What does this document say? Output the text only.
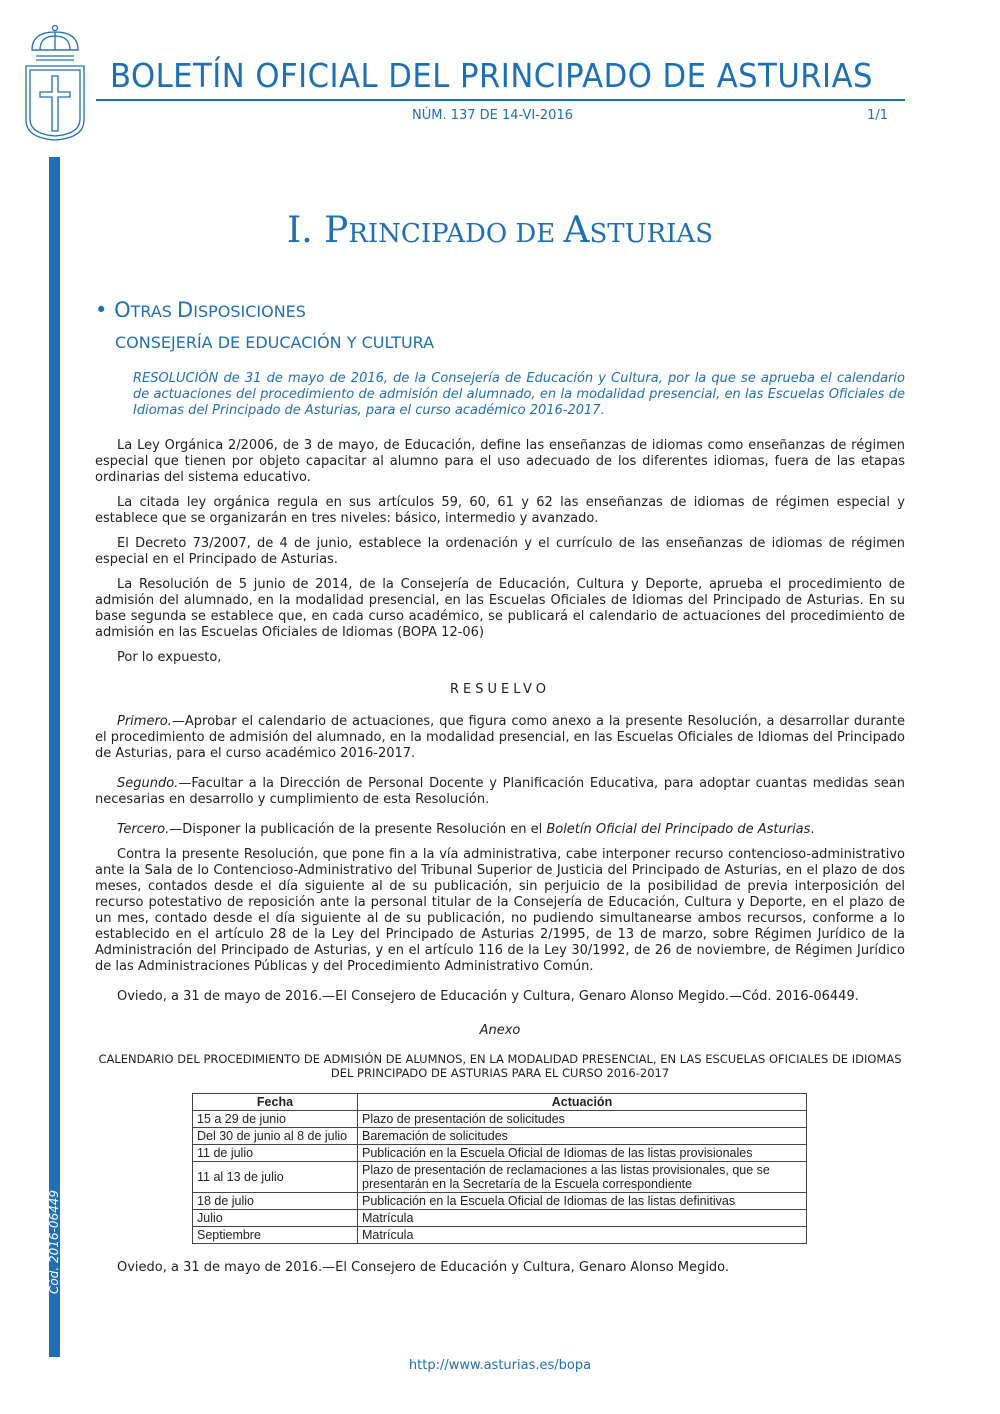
BOLETÍN OFICIAL DEL PRINCIPADO DE ASTURIAS
NÚM. 137 DE 14-VI-2016	1/1
Cód. 2016-06449
I. PRINCIPADO DE ASTURIAS
• OTRAS DISPOSICIONES
CONSEJERÍA DE EDUCACIÓN Y CULTURA
RESOLUCIÓN de 31 de mayo de 2016, de la Consejería de Educación y Cultura, por la que se aprueba el calendario de actuaciones del procedimiento de admisión del alumnado, en la modalidad presencial, en las Escuelas Oficiales de Idiomas del Principado de Asturias, para el curso académico 2016-2017.

La Ley Orgánica 2/2006, de 3 de mayo, de Educación, define las enseñanzas de idiomas como enseñanzas de régimen especial que tienen por objeto capacitar al alumno para el uso adecuado de los diferentes idiomas, fuera de las etapas ordinarias del sistema educativo.

La citada ley orgánica regula en sus artículos 59, 60, 61 y 62 las enseñanzas de idiomas de régimen especial y establece que se organizarán en tres niveles: básico, intermedio y avanzado.

El Decreto 73/2007, de 4 de junio, establece la ordenación y el currículo de las enseñanzas de idiomas de régimen especial en el Principado de Asturias.

La Resolución de 5 junio de 2014, de la Consejería de Educación, Cultura y Deporte, aprueba el procedimiento de admisión del alumnado, en la modalidad presencial, en las Escuelas Oficiales de Idiomas del Principado de Asturias. En su base segunda se establece que, en cada curso académico, se publicará el calendario de actuaciones del procedimiento de admisión en las Escuelas Oficiales de Idiomas (BOPA 12-06)

Por lo expuesto,

RESUELVO

Primero.—Aprobar el calendario de actuaciones, que figura como anexo a la presente Resolución, a desarrollar durante el procedimiento de admisión del alumnado, en la modalidad presencial, en las Escuelas Oficiales de Idiomas del Principado de Asturias, para el curso académico 2016-2017.

Segundo.—Facultar a la Dirección de Personal Docente y Planificación Educativa, para adoptar cuantas medidas sean necesarias en desarrollo y cumplimiento de esta Resolución.

Tercero.—Disponer la publicación de la presente Resolución en el Boletín Oficial del Principado de Asturias.

Contra la presente Resolución, que pone fin a la vía administrativa, cabe interponer recurso contencioso-administrativo ante la Sala de lo Contencioso-Administrativo del Tribunal Superior de Justicia del Principado de Asturias, en el plazo de dos meses, contados desde el día siguiente al de su publicación, sin perjuicio de la posibilidad de previa interposición del recurso potestativo de reposición ante la personal titular de la Consejería de Educación, Cultura y Deporte, en el plazo de un mes, contado desde el día siguiente al de su publicación, no pudiendo simultanearse ambos recursos, conforme a lo establecido en el artículo 28 de la Ley del Principado de Asturias 2/1995, de 13 de marzo, sobre Régimen Jurídico de la Administración del Principado de Asturias, y en el artículo 116 de la Ley 30/1992, de 26 de noviembre, de Régimen Jurídico de las Administraciones Públicas y del Procedimiento Administrativo Común.

Oviedo, a 31 de mayo de 2016.—El Consejero de Educación y Cultura, Genaro Alonso Megido.—Cód. 2016-06449.

Anexo

CALENDARIO DEL PROCEDIMIENTO DE ADMISIÓN DE ALUMNOS, EN LA MODALIDAD PRESENCIAL, EN LAS ESCUELAS OFICIALES DE IDIOMAS DEL PRINCIPADO DE ASTURIAS PARA EL CURSO 2016-2017

Fecha	Actuación
15 a 29 de junio	Plazo de presentación de solicitudes
Del 30 de junio al 8 de julio	Baremación de solicitudes
11 de julio	Publicación en la Escuela Oficial de Idiomas de las listas provisionales
11 al 13 de julio	Plazo de presentación de reclamaciones a las listas provisionales, que se presentarán en la Secretaría de la Escuela correspondiente
18 de julio	Publicación en la Escuela Oficial de Idiomas de las listas definitivas
Julio	Matrícula
Septiembre	Matrícula

Oviedo, a 31 de mayo de 2016.—El Consejero de Educación y Cultura, Genaro Alonso Megido.

http://www.asturias.es/bopa
